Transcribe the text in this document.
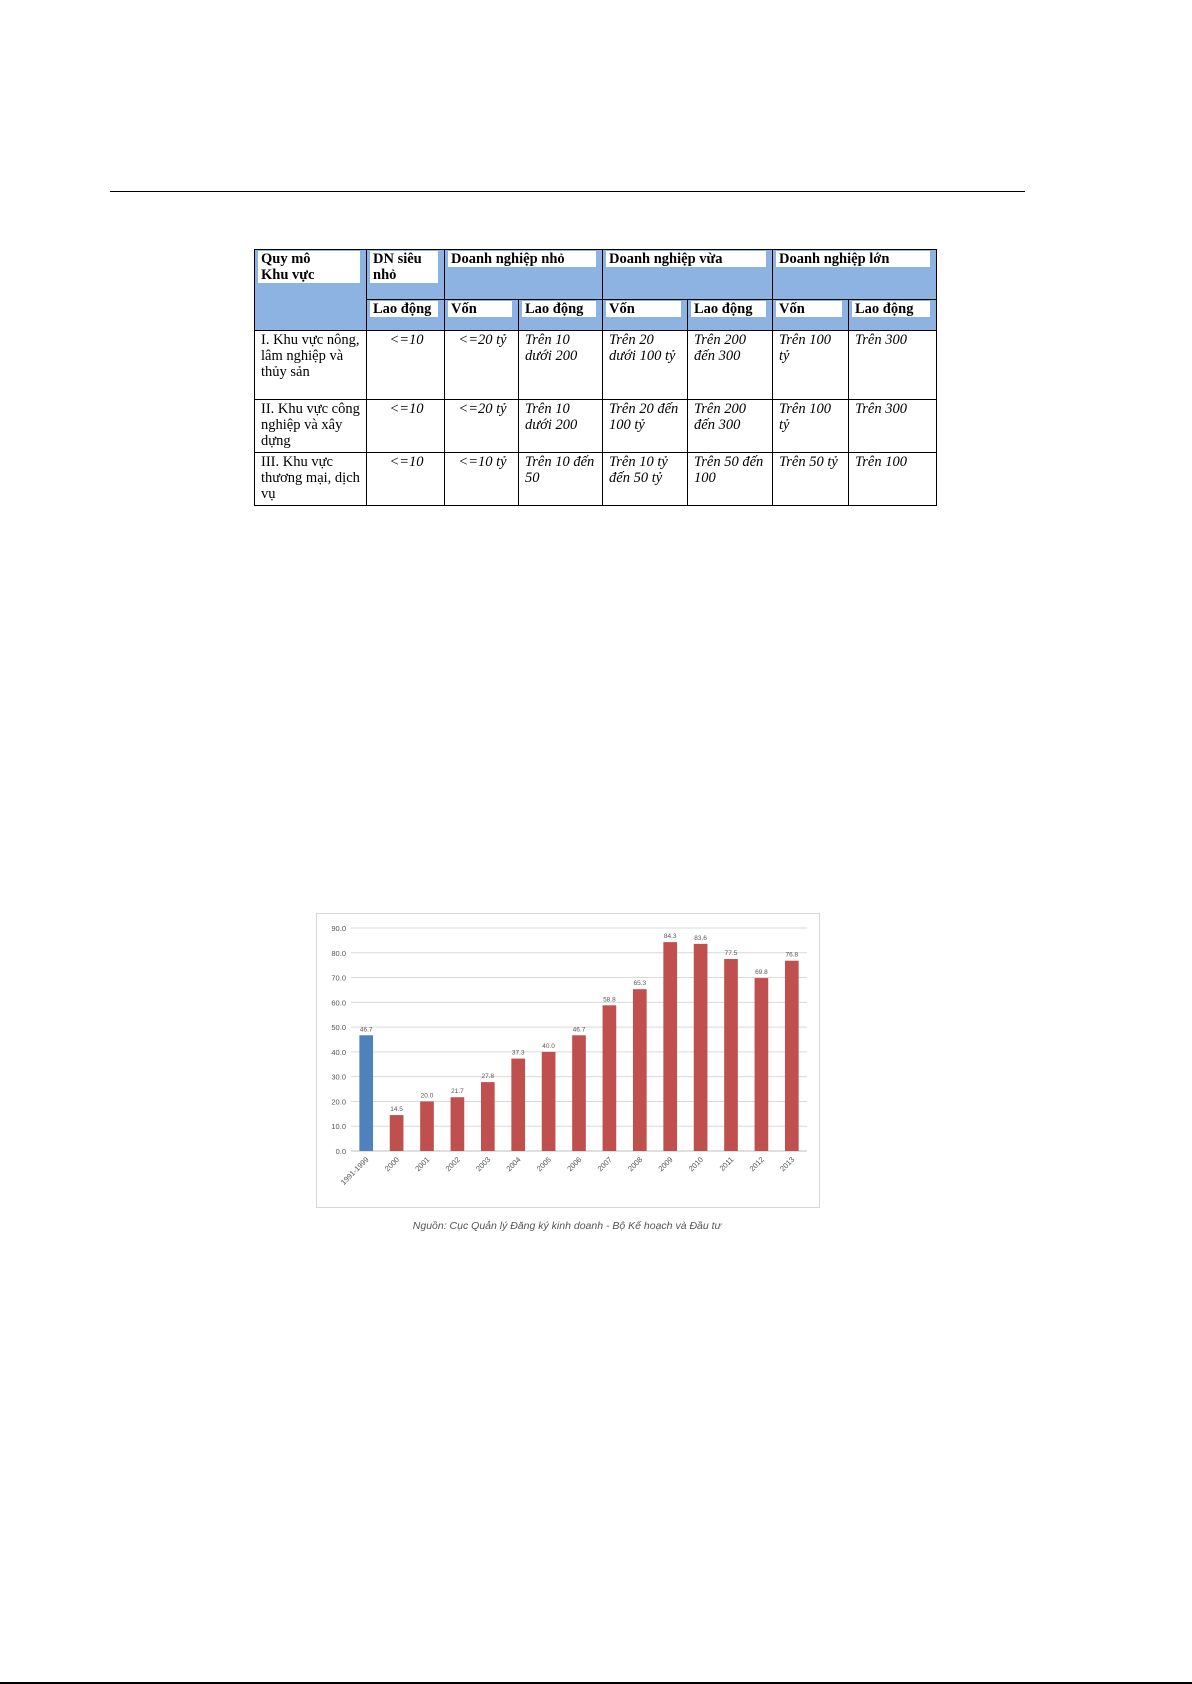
Quy mô
Khu vực	DN siêu nhỏ	Doanh nghiệp nhỏ		Doanh nghiệp vừa		Doanh nghiệp lớn	

	Lao động	Vốn	Lao động	Vốn	Lao động	Vốn	Lao động

I. Khu vực nông, lâm nghiệp và thủy sản	<=10	<=20 tỷ	Trên 10 dưới 200	Trên 20 dưới 100 tỷ	Trên 200 đến 300	Trên 100 tỷ	Trên 300
II. Khu vực công nghiệp và xây dựng	<=10	<=20 tỷ	Trên 10 dưới 200	Trên 20 đến 100 tỷ	Trên 200 đến 300	Trên 100 tỷ	Trên 300
III. Khu vực thương mại, dịch vụ	<=10	<=10 tỷ	Trên 10 đến 50	Trên 10 tỷ đến 50 tỷ	Trên 50 đến 100	Trên 50 tỷ	Trên 100
0.0
10.0
20.0
30.0
40.0
50.0
60.0
70.0
80.0
90.0
46.7
1991-1999
14.5
2000
20.0
2001
21.7
2002
27.8
2003
37.3
2004
40.0
2005
46.7
2006
58.8
2007
65.3
2008
84.3
2009
83.6
2010
77.5
2011
69.8
2012
76.8
2013
Nguồn: Cục Quản lý Đăng ký kinh doanh - Bộ Kế hoạch và Đầu tư
